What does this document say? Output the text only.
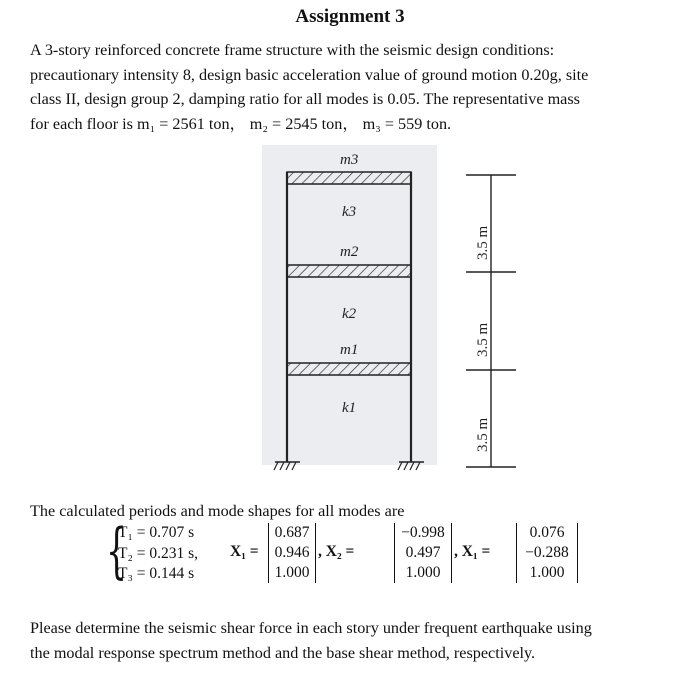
Assignment 3
A 3-story reinforced concrete frame structure with the seismic design conditions:
precautionary intensity 8, design basic acceleration value of ground motion 0.20g, site
class II, design group 2, damping ratio for all modes is 0.05. The representative mass
for each floor is m₁ = 2561 ton， m₂ = 2545 ton， m₃ = 559 ton.
m3
k3
m2
k2
m1
k1
3.5 m
3.5 m
3.5 m
The calculated periods and mode shapes for all modes are
{
T₁ = 0.707 s
T₂ = 0.231 s,
T₃ = 0.144 s
X₁ =
0.687
0.946
1.000
, X₂ =
−0.998
0.497
1.000
, X₁ =
0.076
−0.288
1.000
Please determine the seismic shear force in each story under frequent earthquake using
the modal response spectrum method and the base shear method, respectively.
